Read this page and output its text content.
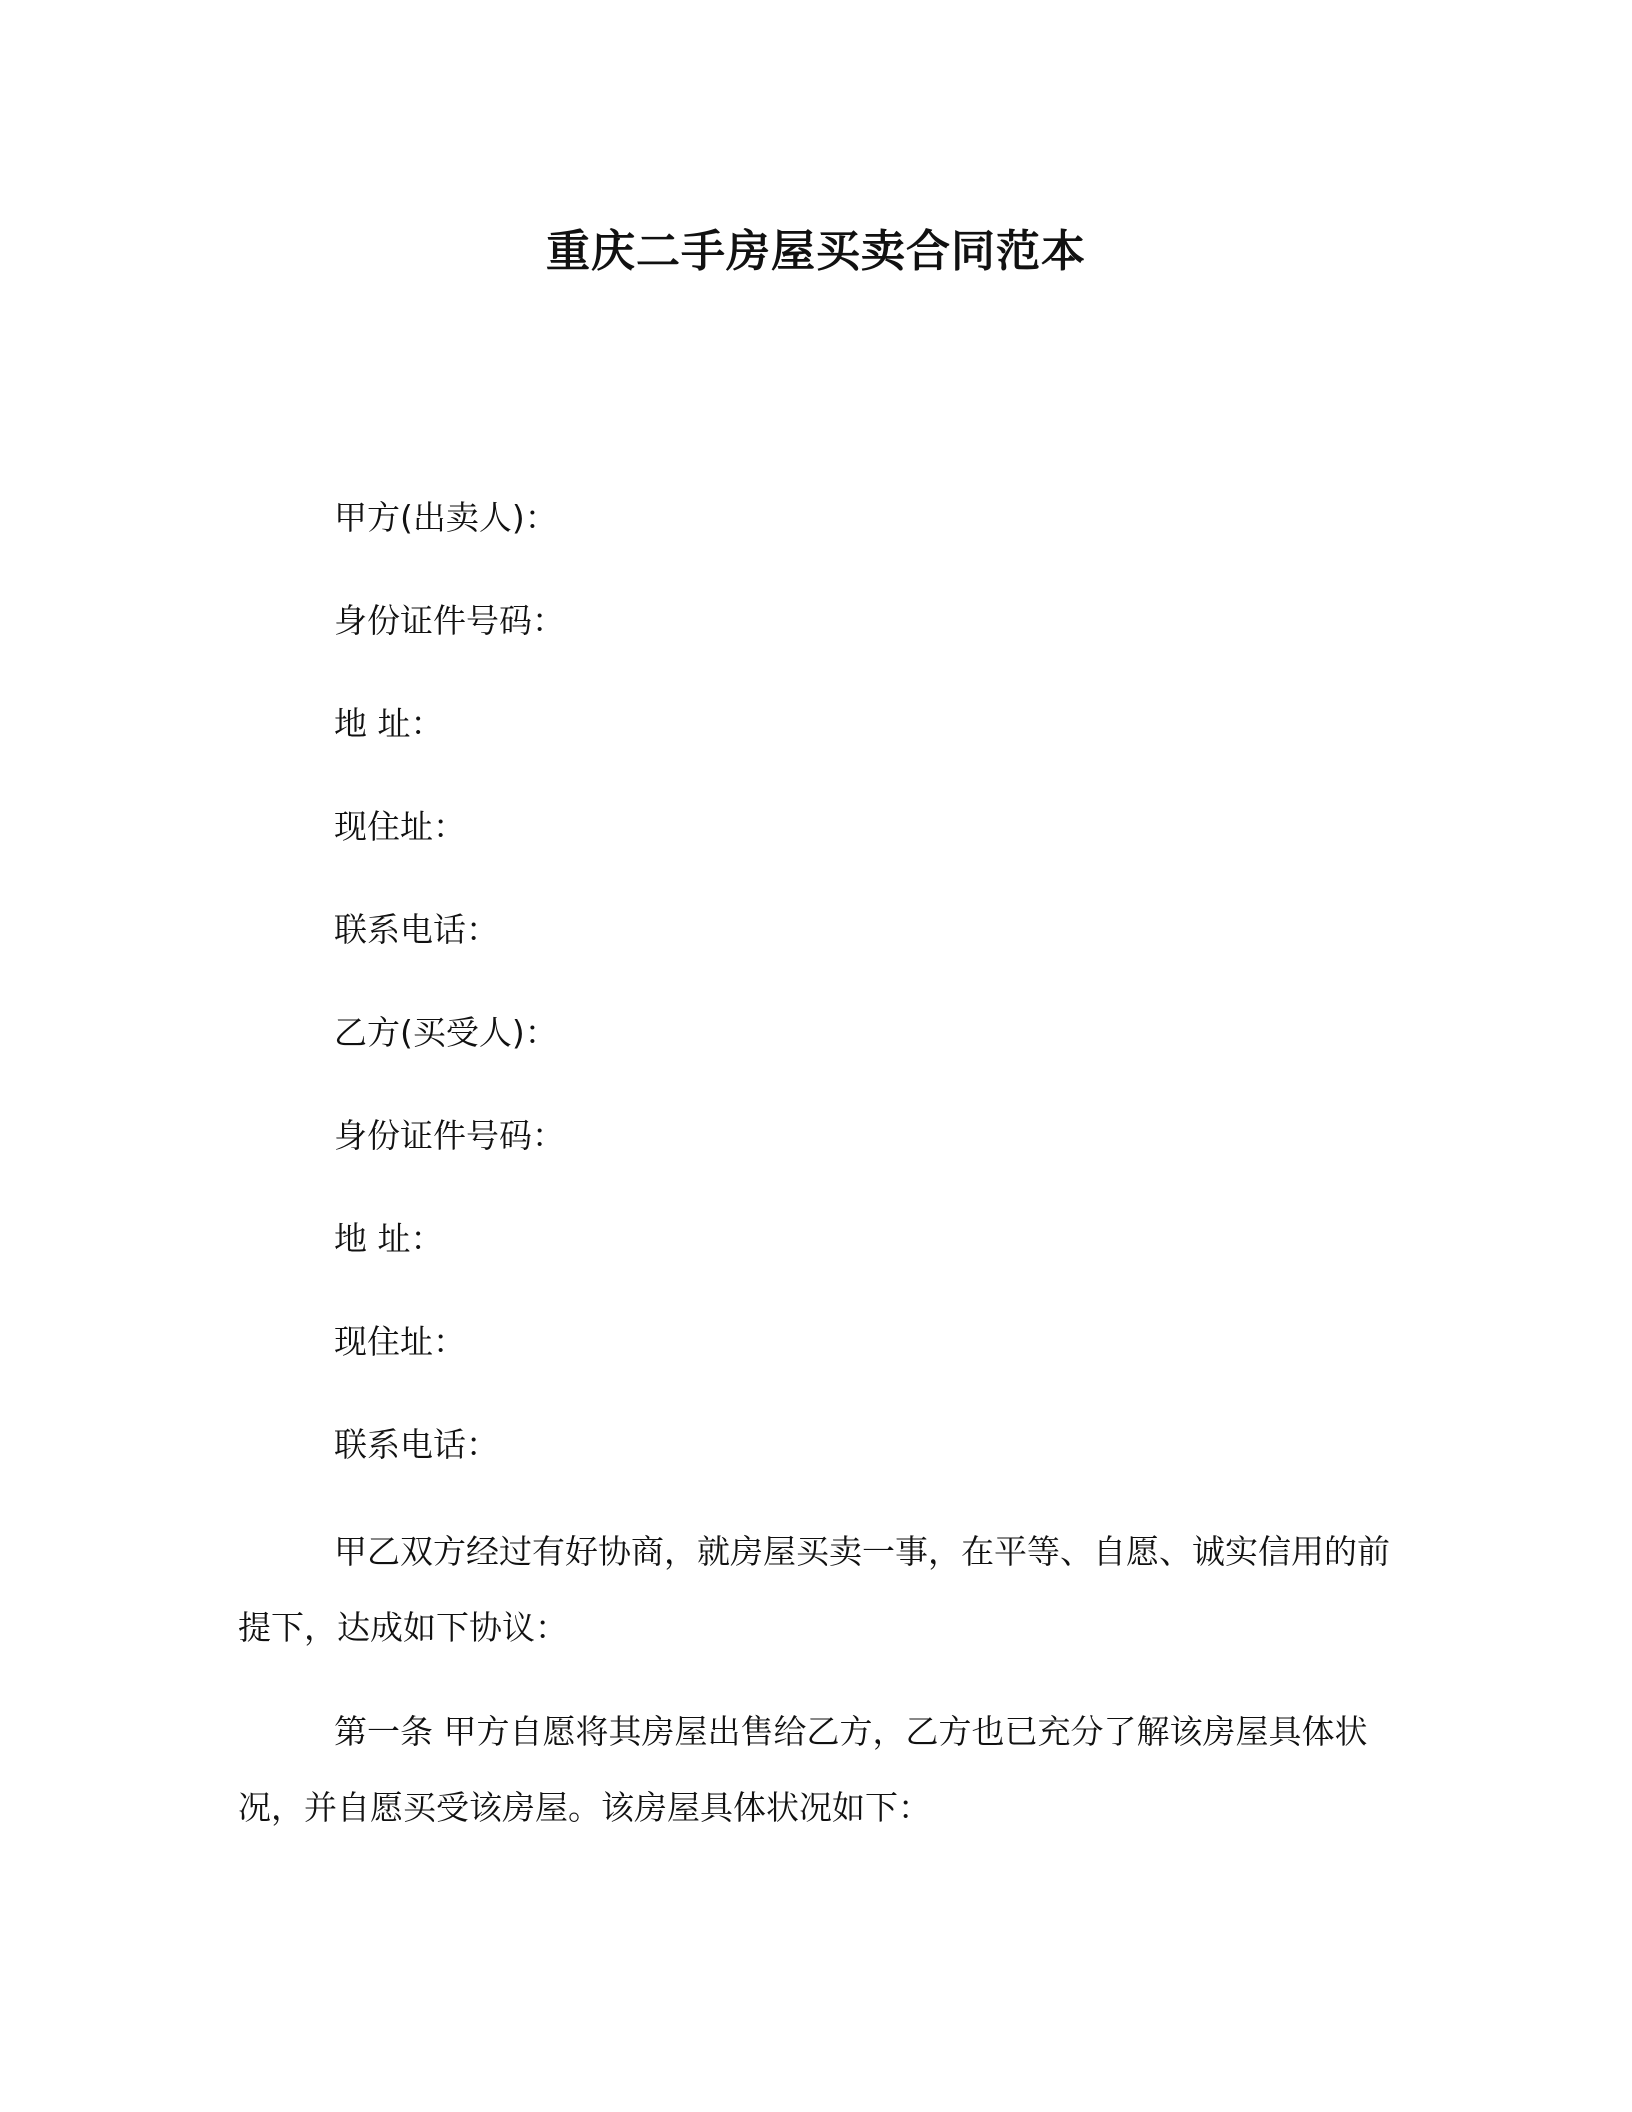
重庆二手房屋买卖合同范本
甲方(出卖人)：
身份证件号码：
地 址：
现住址：
联系电话：
乙方(买受人)：
身份证件号码：
地 址：
现住址：
联系电话：
甲乙双方经过有好协商，就房屋买卖一事，在平等、自愿、诚实信用的前提下，达成如下协议：
第一条 甲方自愿将其房屋出售给乙方，乙方也已充分了解该房屋具体状况，并自愿买受该房屋。该房屋具体状况如下：
